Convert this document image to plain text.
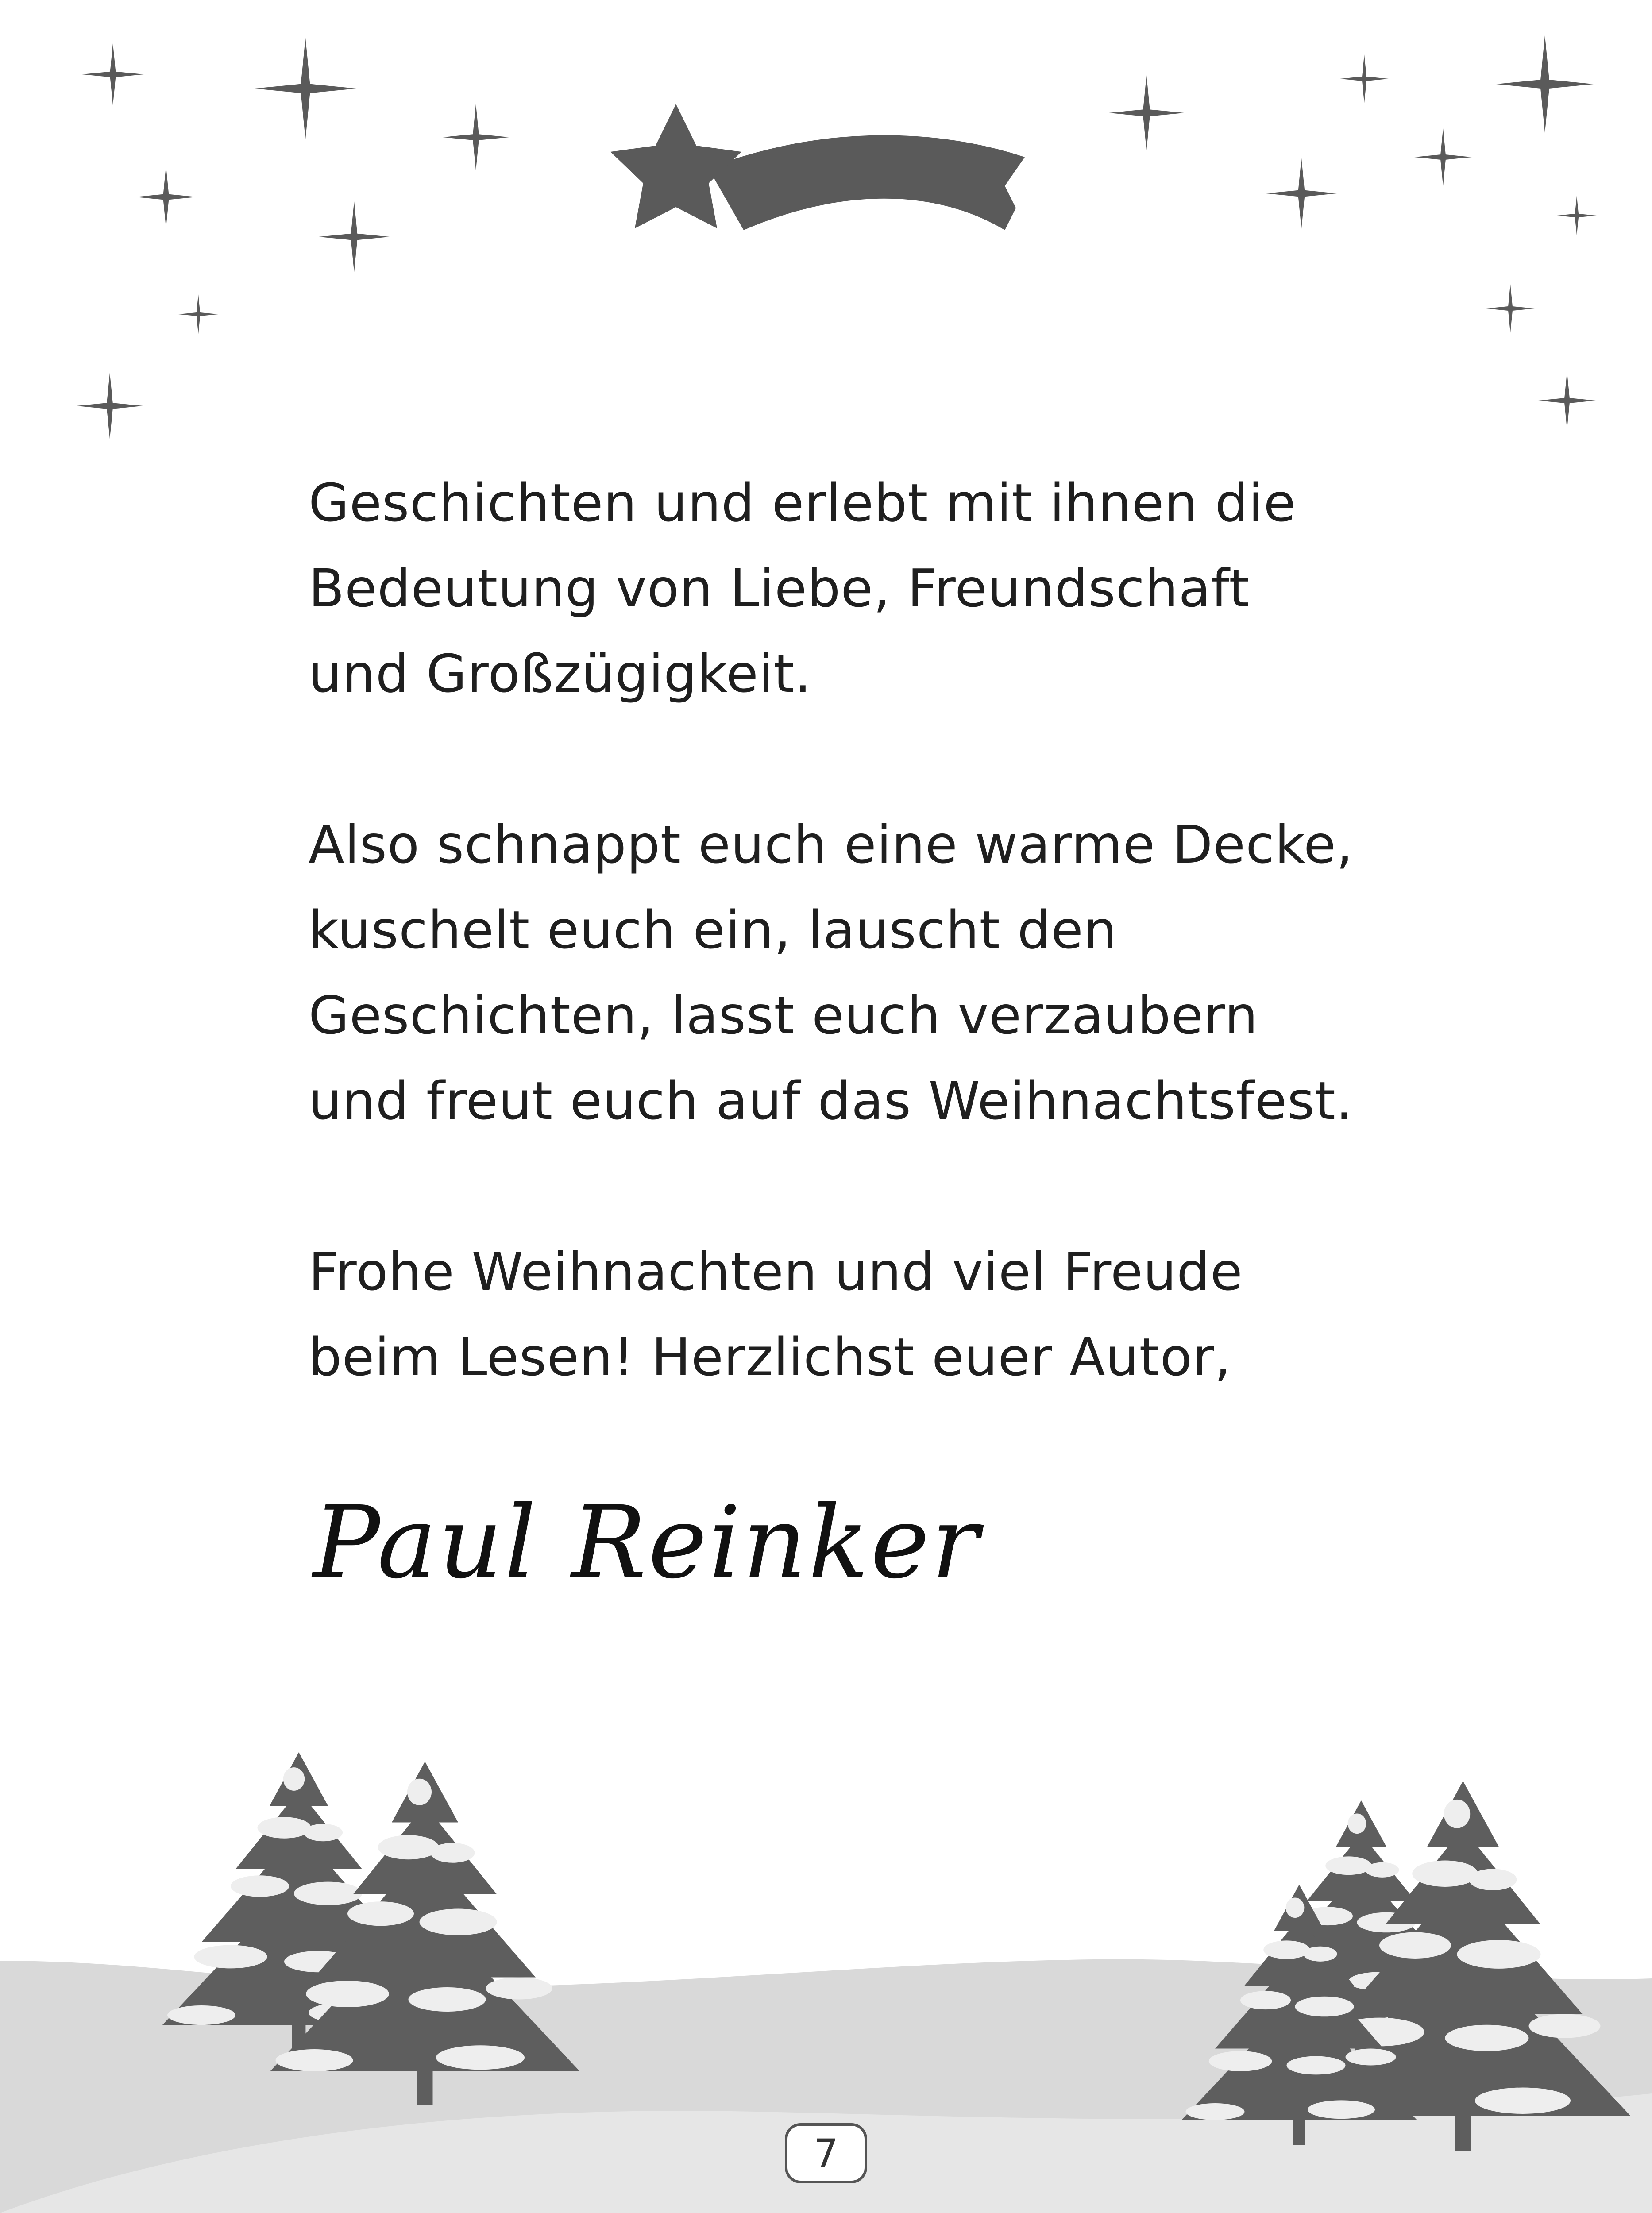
Geschichten und erlebt mit ihnen die
Bedeutung von Liebe, Freundschaft
und Großzügigkeit.

Also schnappt euch eine warme Decke,
kuschelt euch ein, lauscht den
Geschichten, lasst euch verzaubern
und freut euch auf das Weihnachtsfest.

Frohe Weihnachten und viel Freude
beim Lesen! Herzlichst euer Autor,

Paul Reinker
7
